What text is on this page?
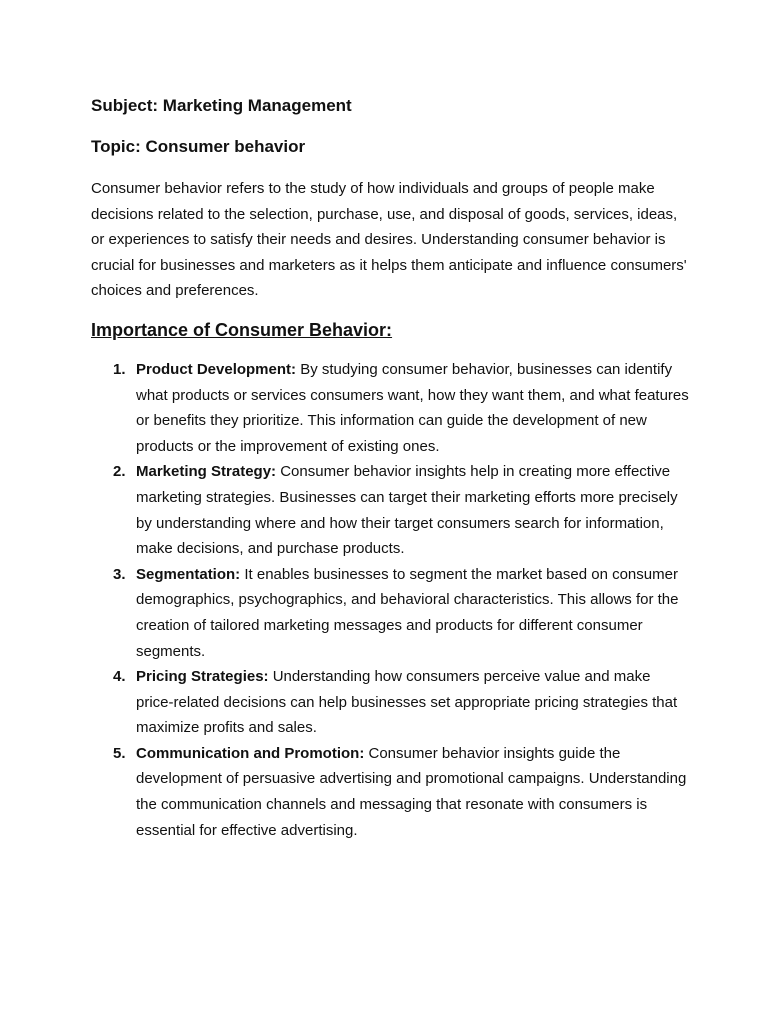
Subject: Marketing Management
Topic: Consumer behavior

Consumer behavior refers to the study of how individuals and groups of people make decisions related to the selection, purchase, use, and disposal of goods, services, ideas, or experiences to satisfy their needs and desires. Understanding consumer behavior is crucial for businesses and marketers as it helps them anticipate and influence consumers' choices and preferences.

Importance of Consumer Behavior:
1. Product Development: By studying consumer behavior, businesses can identify what products or services consumers want, how they want them, and what features or benefits they prioritize. This information can guide the development of new products or the improvement of existing ones.
2. Marketing Strategy: Consumer behavior insights help in creating more effective marketing strategies. Businesses can target their marketing efforts more precisely by understanding where and how their target consumers search for information, make decisions, and purchase products.
3. Segmentation: It enables businesses to segment the market based on consumer demographics, psychographics, and behavioral characteristics. This allows for the creation of tailored marketing messages and products for different consumer segments.
4. Pricing Strategies: Understanding how consumers perceive value and make price-related decisions can help businesses set appropriate pricing strategies that maximize profits and sales.
5. Communication and Promotion: Consumer behavior insights guide the development of persuasive advertising and promotional campaigns. Understanding the communication channels and messaging that resonate with consumers is essential for effective advertising.
